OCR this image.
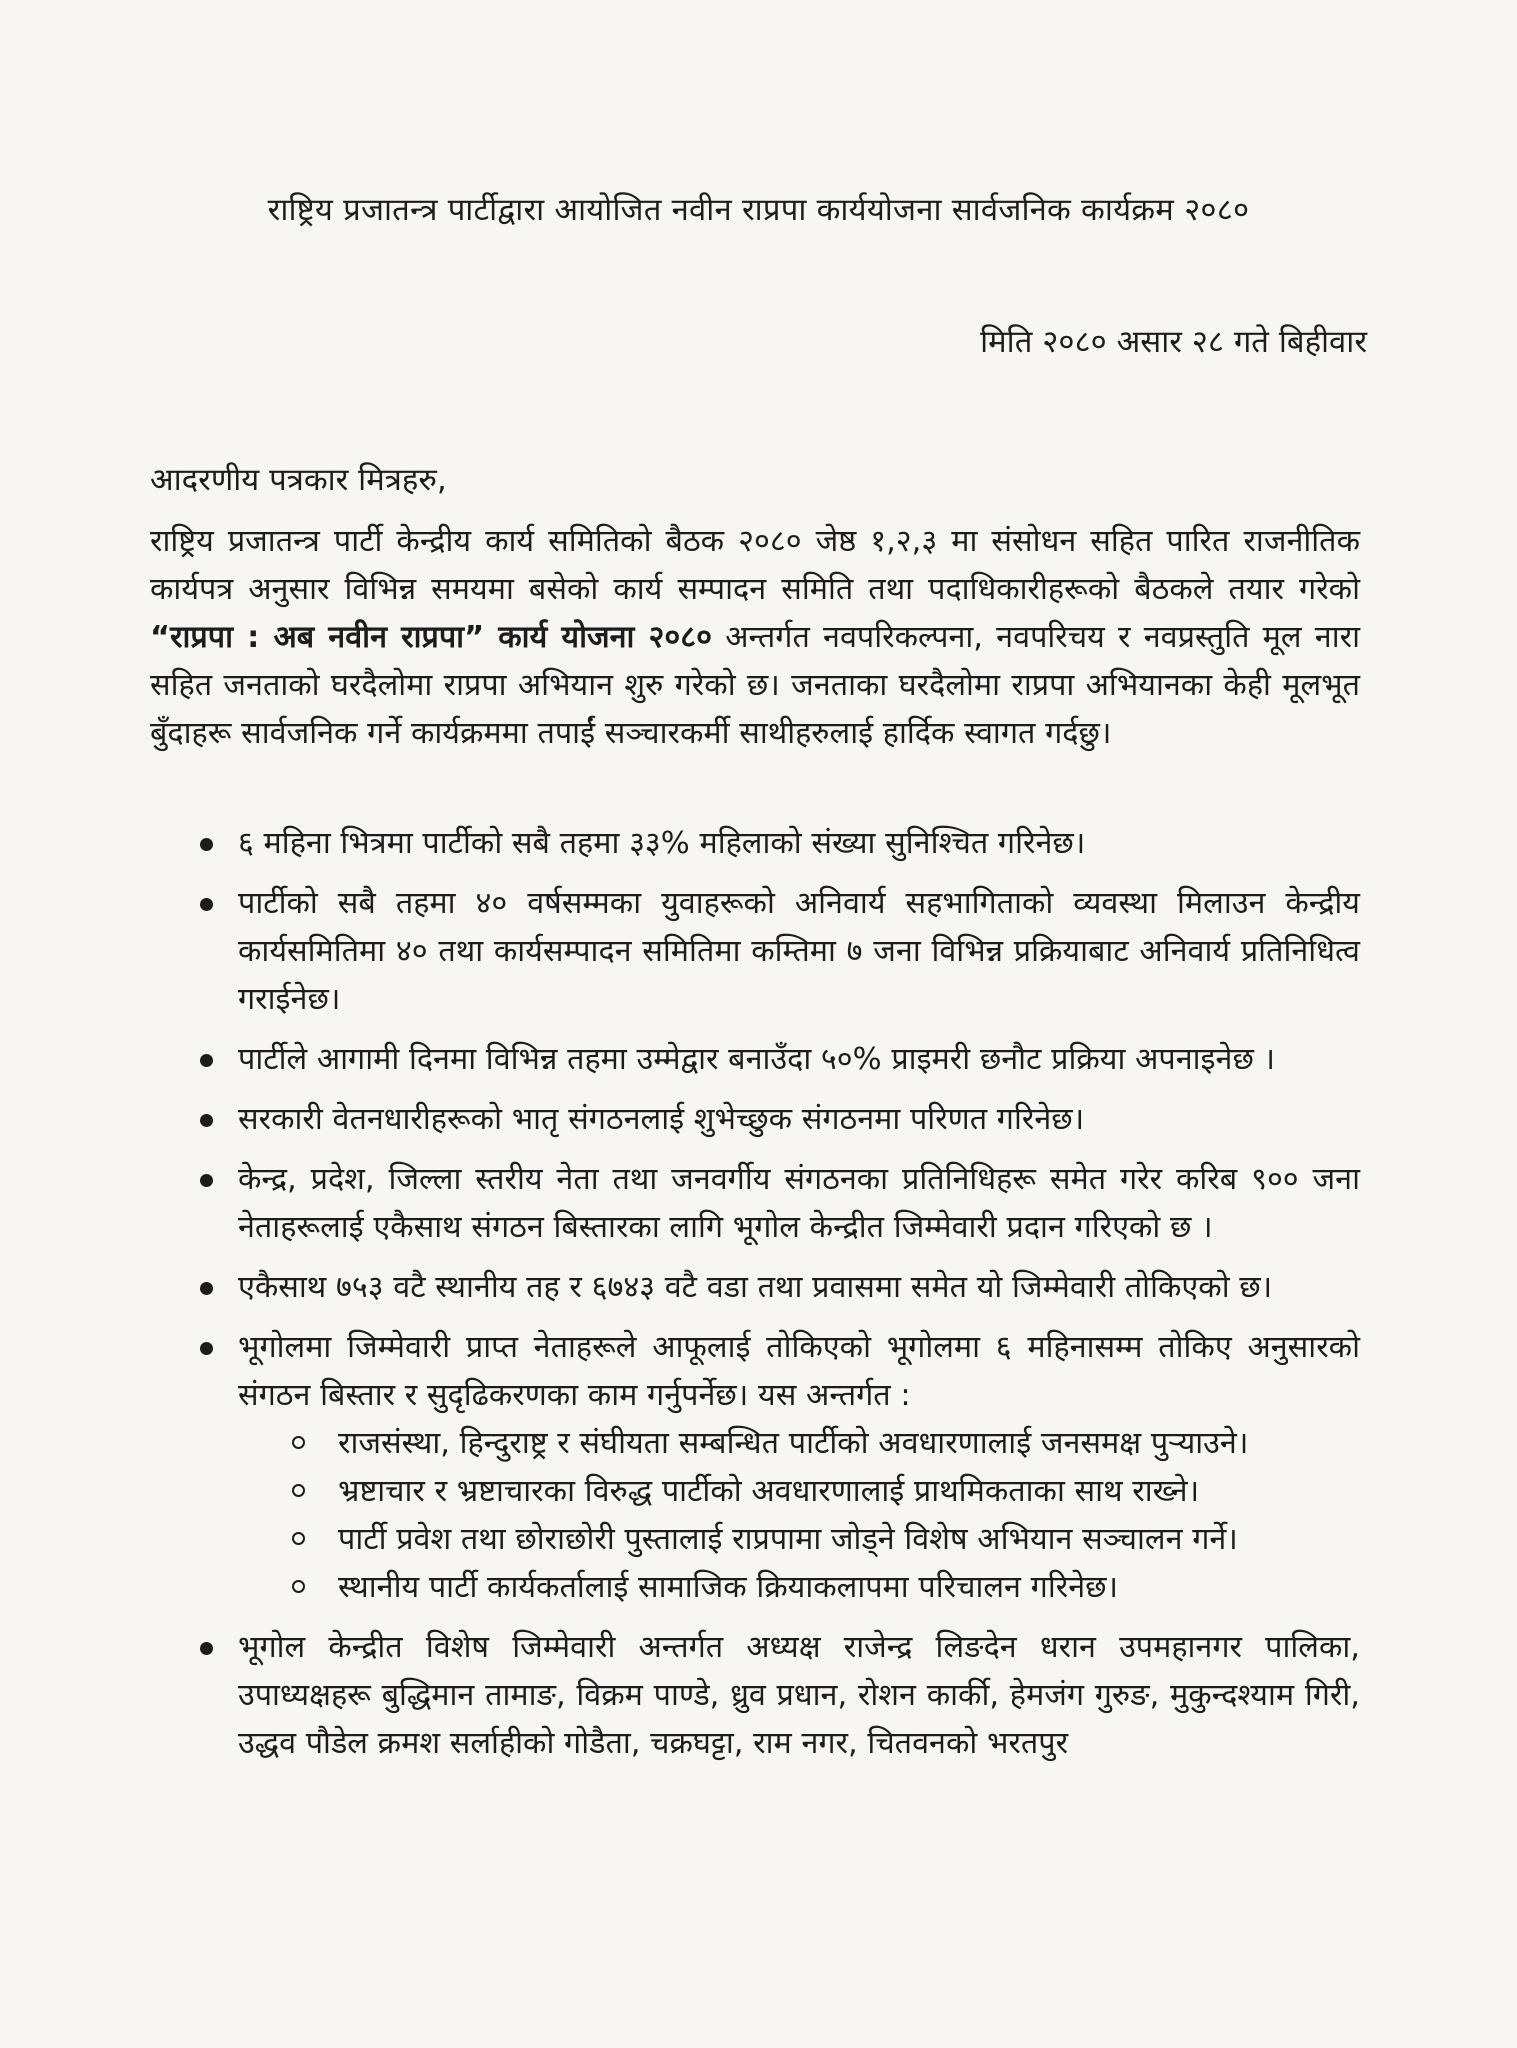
राष्ट्रिय प्रजातन्त्र पार्टीद्वारा आयोजित नवीन राप्रपा कार्ययोजना सार्वजनिक कार्यक्रम २०८०
मिति २०८० असार २८ गते बिहीवार
आदरणीय पत्रकार मित्रहरु,
राष्ट्रिय प्रजातन्त्र पार्टी केन्द्रीय कार्य समितिको बैठक २०८० जेष्ठ १,२,३ मा संसोधन सहित पारित राजनीतिक कार्यपत्र अनुसार विभिन्न समयमा बसेको कार्य सम्पादन समिति तथा पदाधिकारीहरूको बैठकले तयार गरेको “राप्रपा : अब नवीन राप्रपा” कार्य योजना २०८० अन्तर्गत नवपरिकल्पना, नवपरिचय र नवप्रस्तुति मूल नारा सहित जनताको घरदैलोमा राप्रपा अभियान शुरु गरेको छ। जनताका घरदैलोमा राप्रपा अभियानका केही मूलभूत बुँदाहरू सार्वजनिक गर्ने कार्यक्रममा तपाईं सञ्चारकर्मी साथीहरुलाई हार्दिक स्वागत गर्दछु।
६ महिना भित्रमा पार्टीको सबै तहमा ३३% महिलाको संख्या सुनिश्चित गरिनेछ।
पार्टीको सबै तहमा ४० वर्षसम्मका युवाहरूको अनिवार्य सहभागिताको व्यवस्था मिलाउन केन्द्रीय कार्यसमितिमा ४० तथा कार्यसम्पादन समितिमा कम्तिमा ७ जना विभिन्न प्रक्रियाबाट अनिवार्य प्रतिनिधित्व गराईनेछ।
पार्टीले आगामी दिनमा विभिन्न तहमा उम्मेद्वार बनाउँदा ५०% प्राइमरी छनौट प्रक्रिया अपनाइनेछ ।
सरकारी वेतनधारीहरूको भातृ संगठनलाई शुभेच्छुक संगठनमा परिणत गरिनेछ।
केन्द्र, प्रदेश, जिल्ला स्तरीय नेता तथा जनवर्गीय संगठनका प्रतिनिधिहरू समेत गरेर करिब ९०० जना नेताहरूलाई एकैसाथ संगठन बिस्तारका लागि भूगोल केन्द्रीत जिम्मेवारी प्रदान गरिएको छ ।
एकैसाथ ७५३ वटै स्थानीय तह र ६७४३ वटै वडा तथा प्रवासमा समेत यो जिम्मेवारी तोकिएको छ।
भूगोलमा जिम्मेवारी प्राप्त नेताहरूले आफूलाई तोकिएको भूगोलमा ६ महिनासम्म तोकिए अनुसारको संगठन बिस्तार र सुदृढिकरणका काम गर्नुपर्नेछ। यस अन्तर्गत :
राजसंस्था, हिन्दुराष्ट्र र संघीयता सम्बन्धित पार्टीको अवधारणालाई जनसमक्ष पुर्‍याउने।
भ्रष्टाचार र भ्रष्टाचारका विरुद्ध पार्टीको अवधारणालाई प्राथमिकताका साथ राख्ने।
पार्टी प्रवेश तथा छोराछोरी पुस्तालाई राप्रपामा जोड्ने विशेष अभियान सञ्चालन गर्ने।
स्थानीय पार्टी कार्यकर्तालाई सामाजिक क्रियाकलापमा परिचालन गरिनेछ।
भूगोल केन्द्रीत विशेष जिम्मेवारी अन्तर्गत अध्यक्ष राजेन्द्र लिङदेन धरान उपमहानगर पालिका, उपाध्यक्षहरू बुद्धिमान तामाङ, विक्रम पाण्डे, ध्रुव प्रधान, रोशन कार्की, हेमजंग गुरुङ, मुकुन्दश्याम गिरी, उद्धव पौडेल क्रमश सर्लाहीको गोडैता, चक्रघट्टा, राम नगर, चितवनको भरतपुर
